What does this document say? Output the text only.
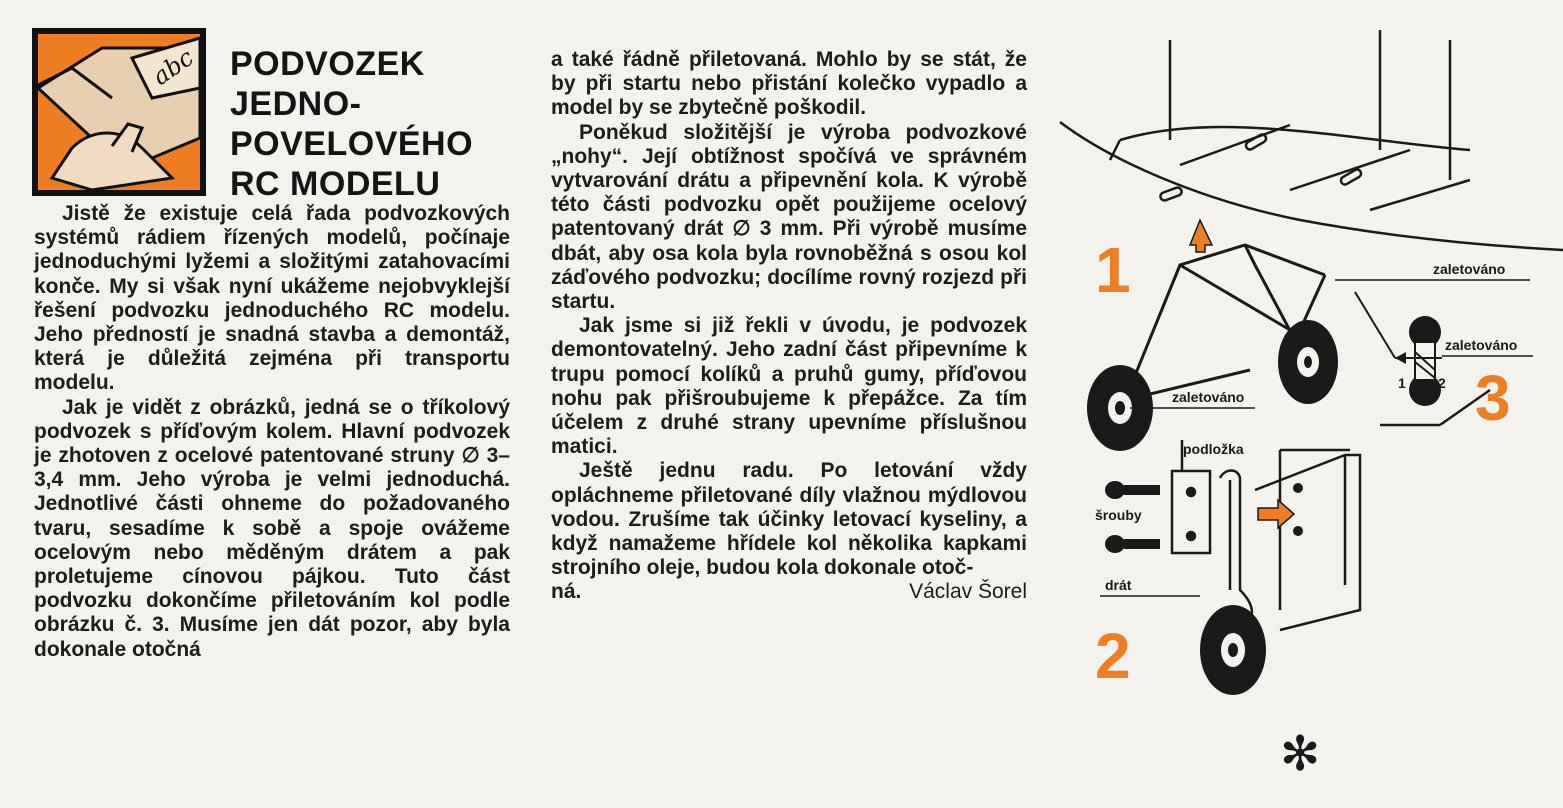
abc PODVOZEK
JEDNO-
POVELOVÉHO
RC MODELU

Jistě že existuje celá řada podvozkových systémů rádiem řízených modelů, počínaje jednoduchými lyžemi a složitými zatahovacími konče. My si však nyní ukážeme nejobvyklejší řešení podvozku jednoduchého RC modelu. Jeho předností je snadná stavba a demontáž, která je důležitá zejména při transportu modelu.

Jak je vidět z obrázků, jedná se o tříkolový podvozek s příďovým kolem. Hlavní podvozek je zhotoven z ocelové patentované struny ∅ 3–3,4 mm. Jeho výroba je velmi jednoduchá. Jednotlivé části ohneme do požadovaného tvaru, sesadíme k sobě a spoje ovážeme ocelovým nebo měděným drátem a pak proletujeme cínovou pájkou. Tuto část podvozku dokončíme přiletováním kol podle obrázku č. 3. Musíme jen dát pozor, aby byla dokonale otočná

a také řádně přiletovaná. Mohlo by se stát, že by při startu nebo přistání kolečko vypadlo a model by se zbytečně poškodil.

Poněkud složitější je výroba podvozkové „nohy“. Její obtížnost spočívá ve správném vytvarování drátu a připevnění kola. K výrobě této části podvozku opět použijeme ocelový patentovaný drát ∅ 3 mm. Při výrobě musíme dbát, aby osa kola byla rovnoběžná s osou kol záďového podvozku; docílíme rovný rozjezd při startu.

Jak jsme si již řekli v úvodu, je podvozek demontovatelný. Jeho zadní část připevníme k trupu pomocí kolíků a pruhů gumy, příďovou nohu pak přišroubujeme k přepážce. Za tím účelem z druhé strany upevníme příslušnou matici.

Ještě jednu radu. Po letování vždy opláchneme přiletované díly vlažnou mýdlovou vodou. Zrušíme tak účinky letovací kyseliny, a když namažeme hřídele kol několika kapkami strojního oleje, budou kola dokonale otoč-

ná.	Václav Šorel
zaletováno
zaletováno
1
zaletováno
1 2 3
podložka
šrouby
drát
2
✻
